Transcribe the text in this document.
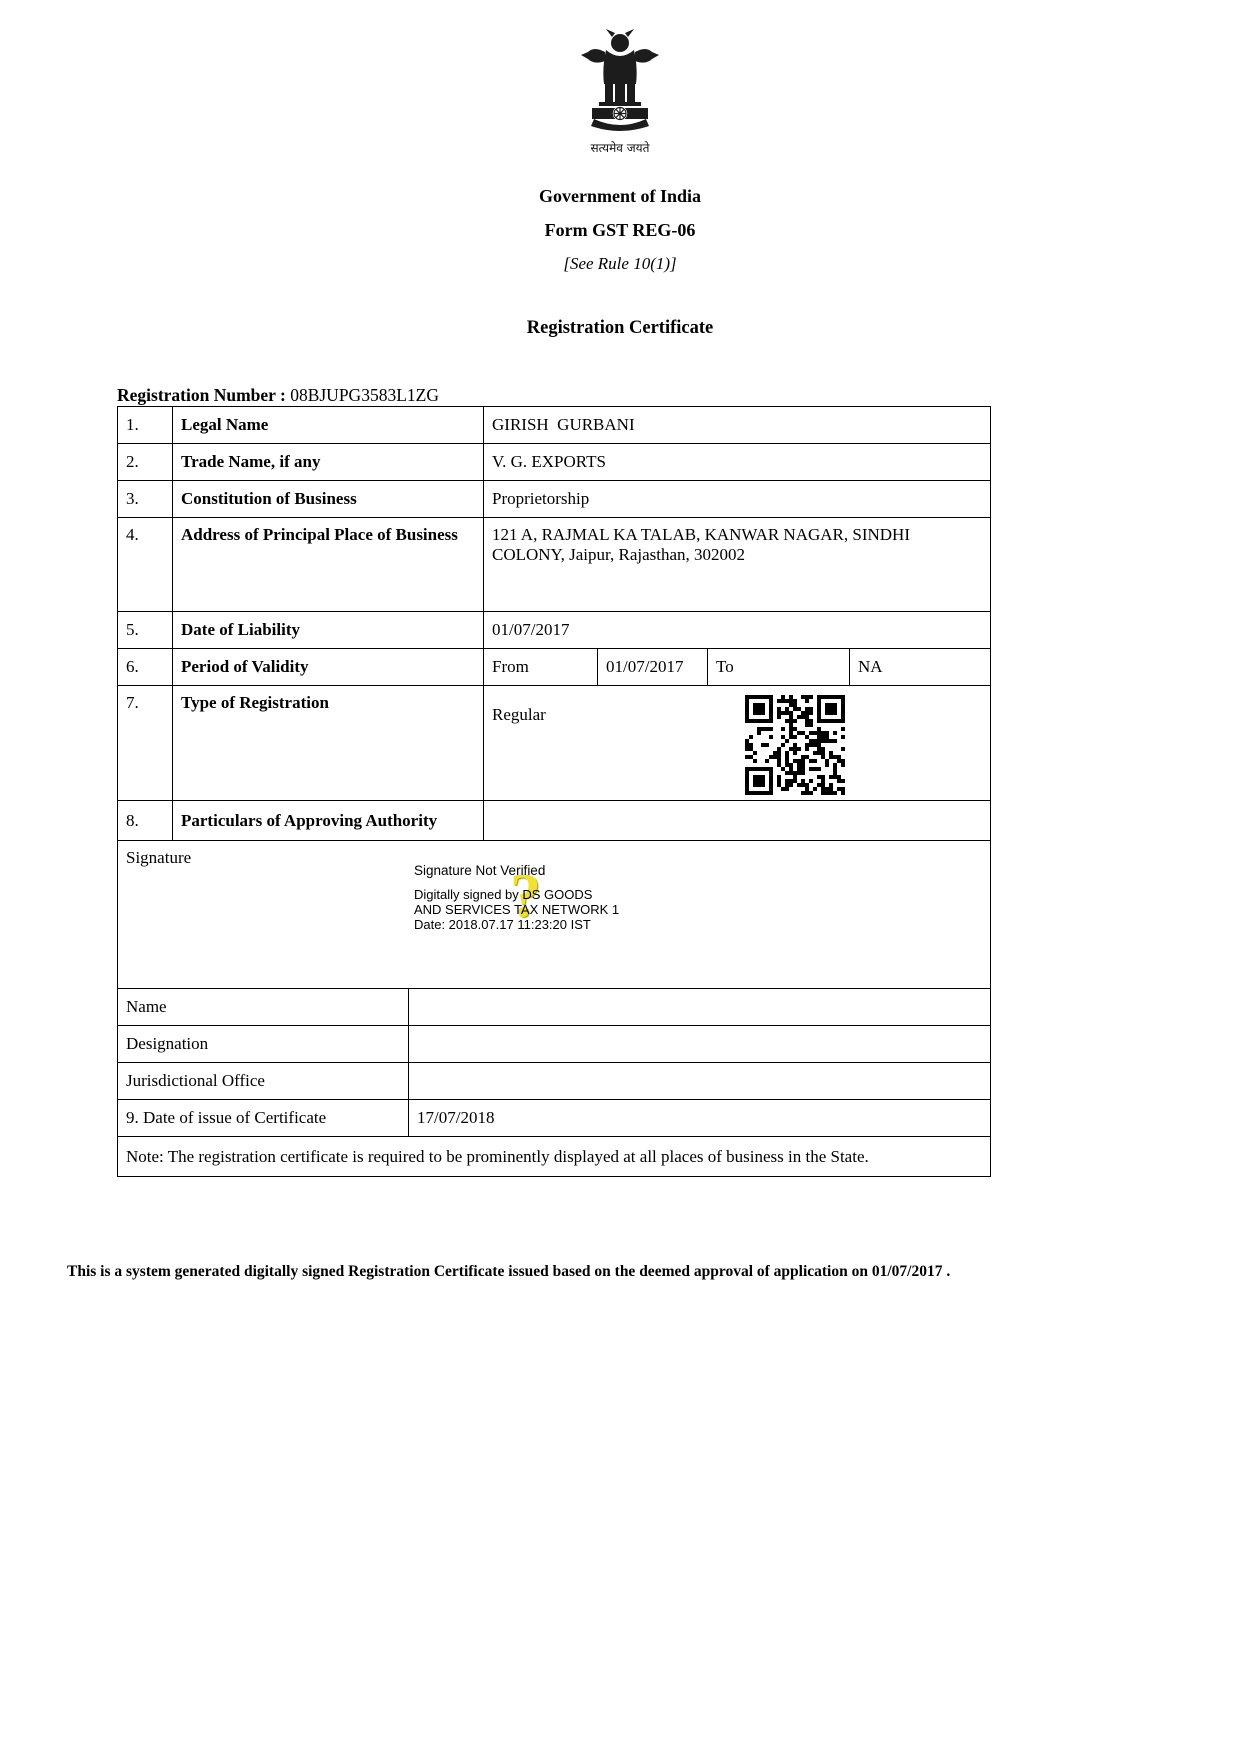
सत्यमेव जयते
Government of India
Form GST REG-06
[See Rule 10(1)]
Registration Certificate
Registration Number : 08BJUPG3583L1ZG
1.	Legal Name	GIRISH  GURBANI			
2.	Trade Name, if any	V. G. EXPORTS			
3.	Constitution of Business	Proprietorship			
4.	Address of Principal Place of Business	121 A, RAJMAL KA TALAB, KANWAR NAGAR, SINDHI COLONY, Jaipur, Rajasthan, 302002			
5.	Date of Liability	01/07/2017			
6.	Period of Validity	From	01/07/2017	To	NA
7.	Type of Registration	Regular			

8.	Particulars of Approving Authority				

Signature
?
Signature Not Verified
Digitally signed by DS GOODS
AND SERVICES TAX NETWORK 1
Date: 2018.07.17 11:23:20 IST
Name	
Designation	
Jurisdictional Office	
9. Date of issue of Certificate	17/07/2018
Note: The registration certificate is required to be prominently displayed at all places of business in the State.	
This is a system generated digitally signed Registration Certificate issued based on the deemed approval of application on 01/07/2017 .
